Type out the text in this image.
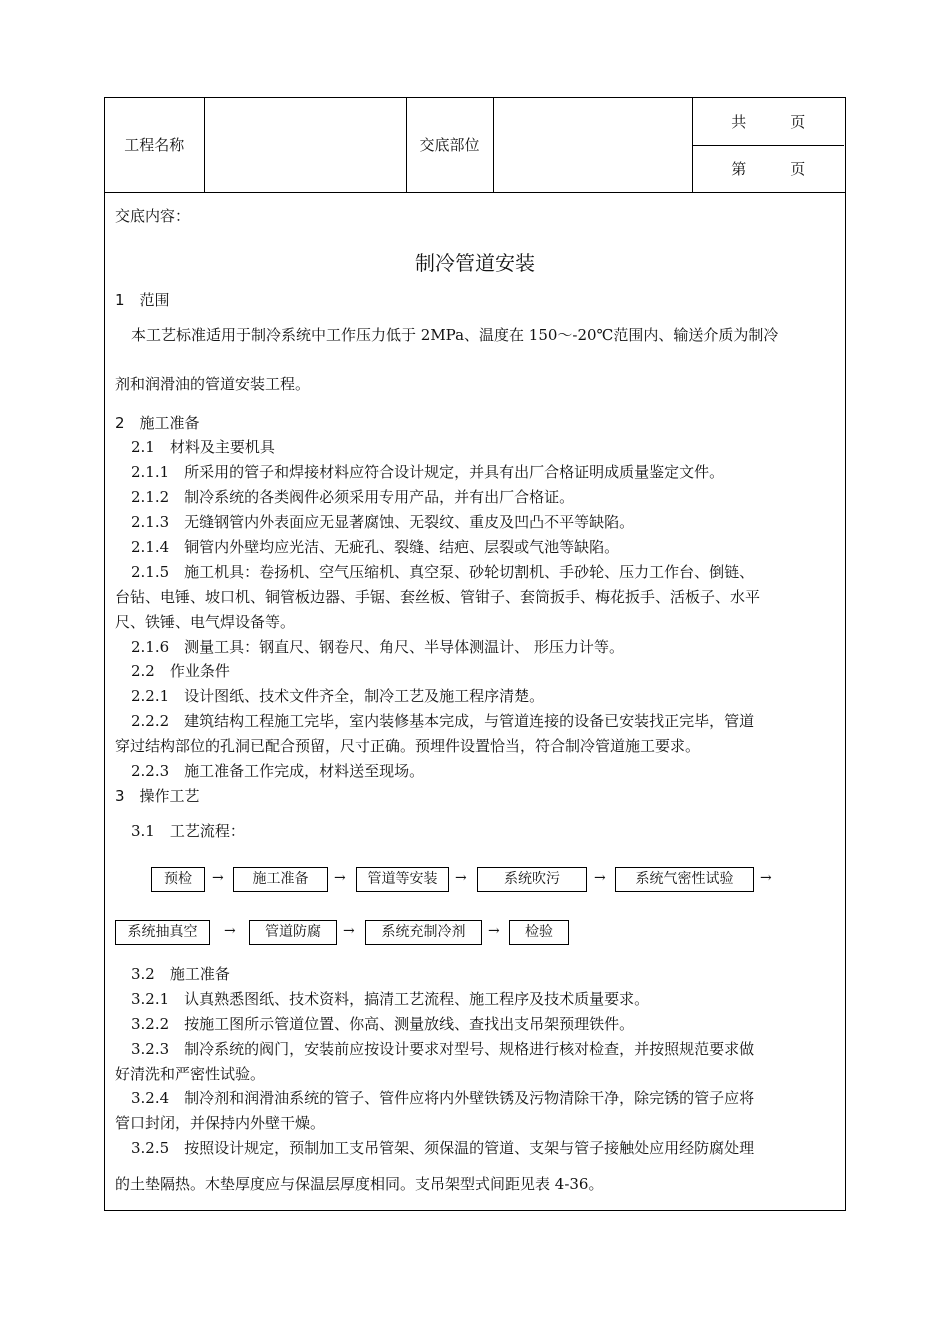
工程名称		交底部位		共	页
第	页
交底内容：
制冷管道安装
1　范围
本工艺标准适用于制冷系统中工作压力低于 2MPa、温度在 150～-20℃范围内、输送介质为制冷
剂和润滑油的管道安装工程。
2　施工准备
2.1　材料及主要机具
2.1.1　所采用的管子和焊接材料应符合设计规定，并具有出厂合格证明成质量鉴定文件。
2.1.2　制冷系统的各类阀件必须采用专用产品，并有出厂合格证。
2.1.3　无缝钢管内外表面应无显著腐蚀、无裂纹、重皮及凹凸不平等缺陷。
2.1.4　铜管内外壁均应光洁、无疵孔、裂缝、结疤、层裂或气池等缺陷。
2.1.5　施工机具：卷扬机、空气压缩机、真空泵、砂轮切割机、手砂轮、压力工作台、倒链、
台钻、电锤、坡口机、铜管板边器、手锯、套丝板、管钳子、套筒扳手、梅花扳手、活板子、水平
尺、铁锤、电气焊设备等。
2.1.6　测量工具：钢直尺、钢卷尺、角尺、半导体测温计、 形压力计等。
2.2　作业条件
2.2.1　设计图纸、技术文件齐全，制冷工艺及施工程序清楚。
2.2.2　建筑结构工程施工完毕，室内装修基本完成，与管道连接的设备已安装找正完毕，管道
穿过结构部位的孔洞已配合预留，尺寸正确。预埋件设置恰当，符合制冷管道施工要求。
2.2.3　施工准备工作完成，材料送至现场。
3　操作工艺
3.1　工艺流程：
预检	→	施工准备	→	管道等安装	→	系统吹污	→	系统气密性试验	→
系统抽真空	→	管道防腐	→	系统充制冷剂	→	检验
3.2　施工准备
3.2.1　认真熟悉图纸、技术资料，搞清工艺流程、施工程序及技术质量要求。
3.2.2　按施工图所示管道位置、你高、测量放线、查找出支吊架预理铁件。
3.2.3　制冷系统的阀门，安装前应按设计要求对型号、规格进行核对检查，并按照规范要求做
好清洗和严密性试验。
3.2.4　制冷剂和润滑油系统的管子、管件应将内外壁铁锈及污物清除干净，除完锈的管子应将
管口封闭，并保持内外壁干燥。
3.2.5　按照设计规定，预制加工支吊管架、须保温的管道、支架与管子接触处应用经防腐处理
的土垫隔热。木垫厚度应与保温层厚度相同。支吊架型式间距见表 4-36。
